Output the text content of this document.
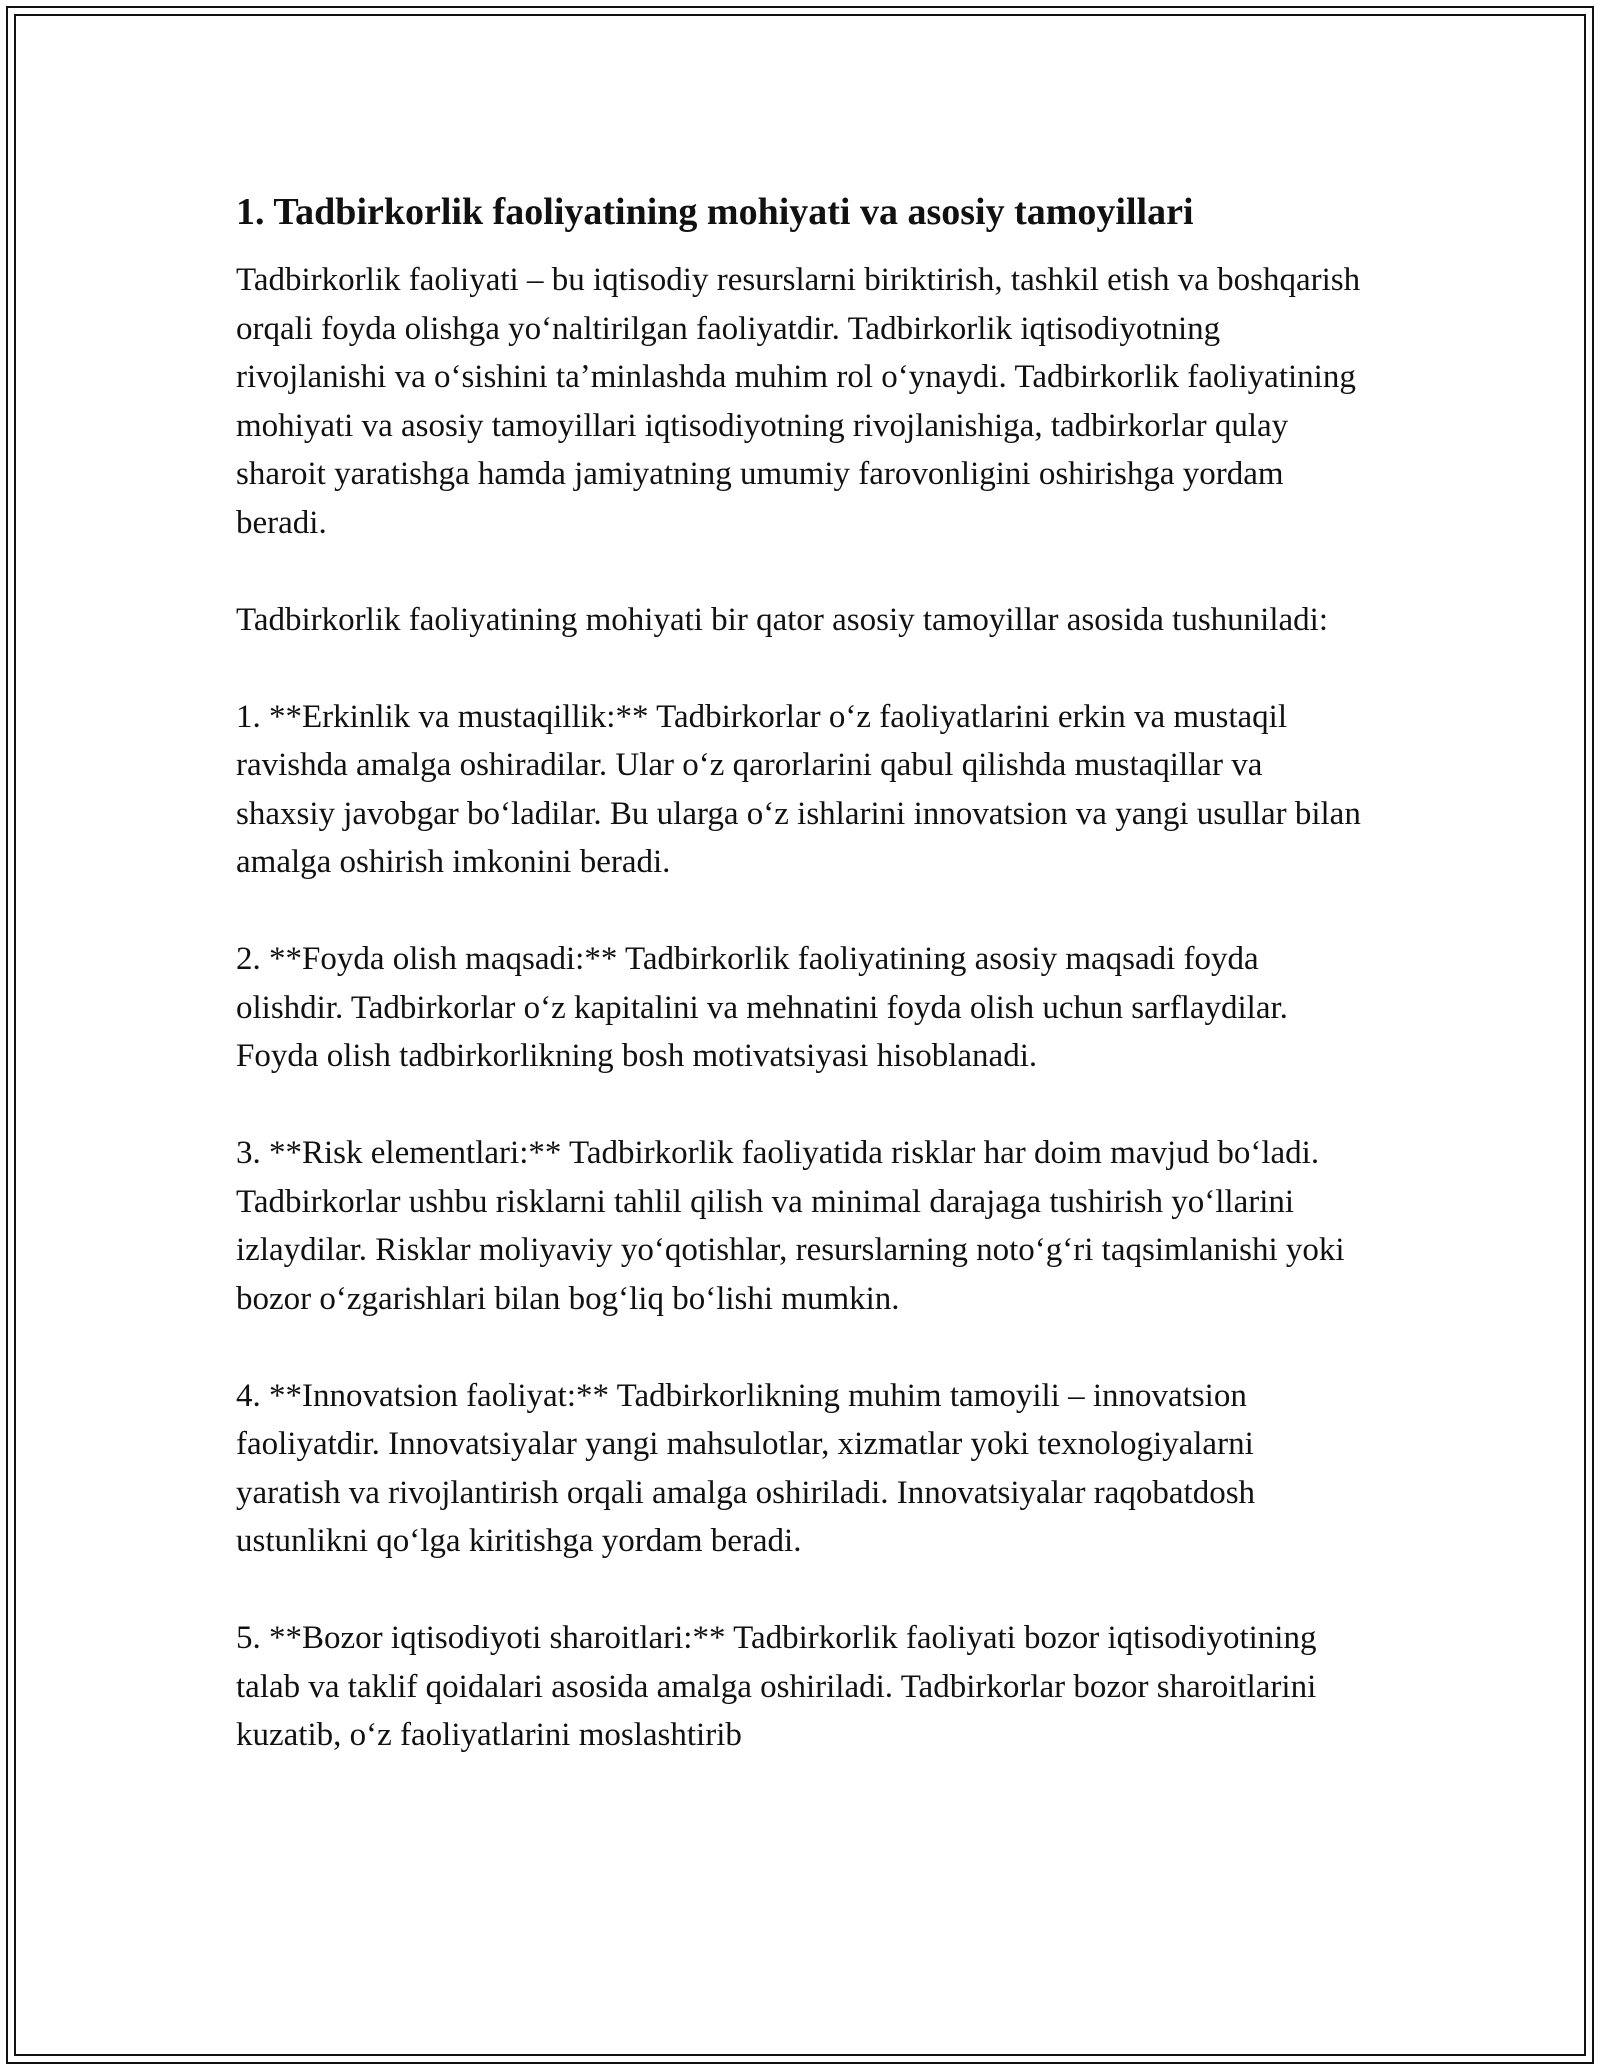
1. Tadbirkorlik faoliyatining mohiyati va asosiy tamoyillari

Tadbirkorlik faoliyati – bu iqtisodiy resurslarni biriktirish, tashkil etish va boshqarish orqali foyda olishga yoʻnaltirilgan faoliyatdir. Tadbirkorlik iqtisodiyotning rivojlanishi va oʻsishini taʼminlashda muhim rol oʻynaydi. Tadbirkorlik faoliyatining mohiyati va asosiy tamoyillari iqtisodiyotning rivojlanishiga, tadbirkorlar qulay sharoit yaratishga hamda jamiyatning umumiy farovonligini oshirishga yordam beradi.

Tadbirkorlik faoliyatining mohiyati bir qator asosiy tamoyillar asosida tushuniladi:

1. **Erkinlik va mustaqillik:** Tadbirkorlar oʻz faoliyatlarini erkin va mustaqil ravishda amalga oshiradilar. Ular oʻz qarorlarini qabul qilishda mustaqillar va shaxsiy javobgar boʻladilar. Bu ularga oʻz ishlarini innovatsion va yangi usullar bilan amalga oshirish imkonini beradi.

2. **Foyda olish maqsadi:** Tadbirkorlik faoliyatining asosiy maqsadi foyda olishdir. Tadbirkorlar oʻz kapitalini va mehnatini foyda olish uchun sarflaydilar. Foyda olish tadbirkorlikning bosh motivatsiyasi hisoblanadi.

3. **Risk elementlari:** Tadbirkorlik faoliyatida risklar har doim mavjud boʻladi. Tadbirkorlar ushbu risklarni tahlil qilish va minimal darajaga tushirish yoʻllarini izlaydilar. Risklar moliyaviy yoʻqotishlar, resurslarning notoʻgʻri taqsimlanishi yoki bozor oʻzgarishlari bilan bogʻliq boʻlishi mumkin.

4. **Innovatsion faoliyat:** Tadbirkorlikning muhim tamoyili – innovatsion faoliyatdir. Innovatsiyalar yangi mahsulotlar, xizmatlar yoki texnologiyalarni yaratish va rivojlantirish orqali amalga oshiriladi. Innovatsiyalar raqobatdosh ustunlikni qoʻlga kiritishga yordam beradi.

5. **Bozor iqtisodiyoti sharoitlari:** Tadbirkorlik faoliyati bozor iqtisodiyotining talab va taklif qoidalari asosida amalga oshiriladi. Tadbirkorlar bozor sharoitlarini kuzatib, oʻz faoliyatlarini moslashtirib
